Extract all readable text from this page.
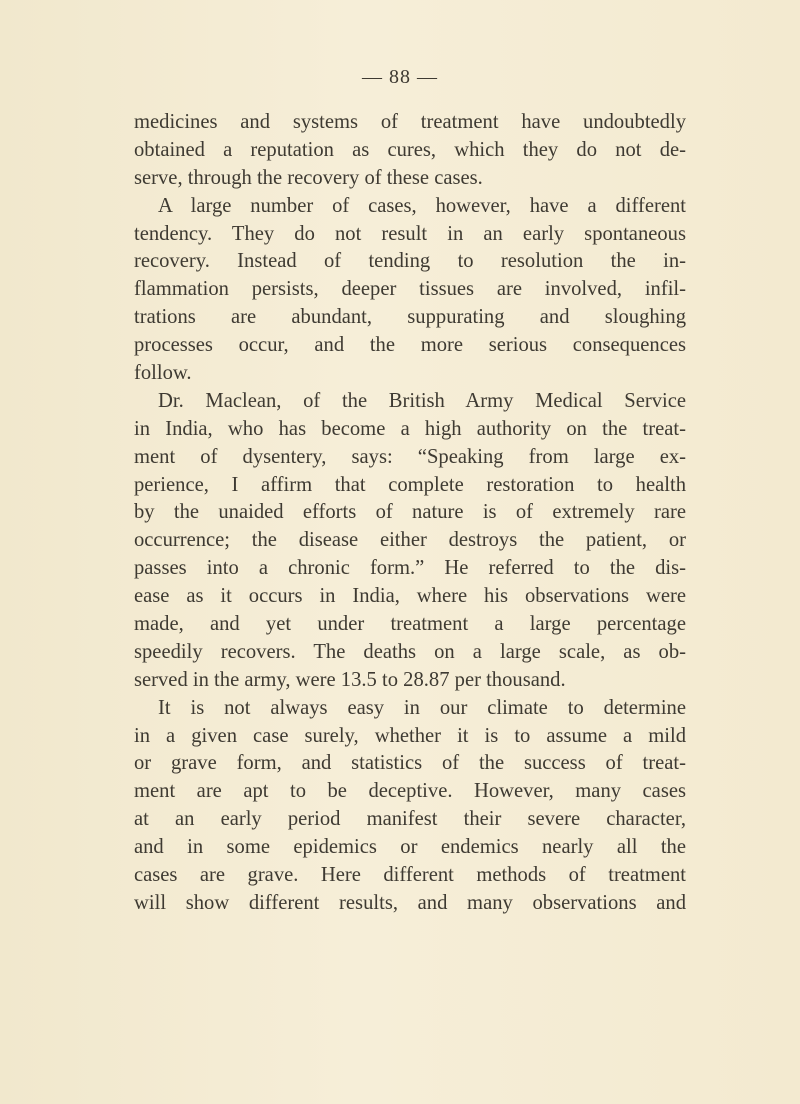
— 88 —
medicines and systems of treatment have undoubtedly
obtained a reputation as cures, which they do not de-
serve, through the recovery of these cases.
A large number of cases, however, have a different
tendency. They do not result in an early spontaneous
recovery. Instead of tending to resolution the in-
flammation persists, deeper tissues are involved, infil-
trations are abundant, suppurating and sloughing
processes occur, and the more serious consequences
follow.
Dr. Maclean, of the British Army Medical Service
in India, who has become a high authority on the treat-
ment of dysentery, says: “Speaking from large ex-
perience, I affirm that complete restoration to health
by the unaided efforts of nature is of extremely rare
occurrence; the disease either destroys the patient, or
passes into a chronic form.” He referred to the dis-
ease as it occurs in India, where his observations were
made, and yet under treatment a large percentage
speedily recovers. The deaths on a large scale, as ob-
served in the army, were 13.5 to 28.87 per thousand.
It is not always easy in our climate to determine
in a given case surely, whether it is to assume a mild
or grave form, and statistics of the success of treat-
ment are apt to be deceptive. However, many cases
at an early period manifest their severe character,
and in some epidemics or endemics nearly all the
cases are grave. Here different methods of treatment
will show different results, and many observations and
